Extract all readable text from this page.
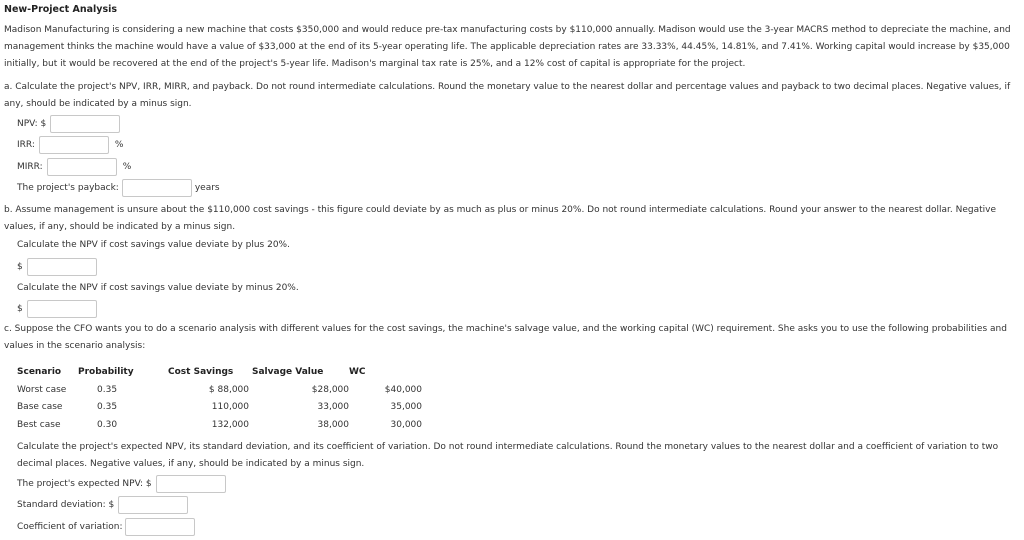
New-Project Analysis
Madison Manufacturing is considering a new machine that costs $350,000 and would reduce pre-tax manufacturing costs by $110,000 annually. Madison would use the 3-year MACRS method to depreciate the machine, and management thinks the machine would have a value of $33,000 at the end of its 5-year operating life. The applicable depreciation rates are 33.33%, 44.45%, 14.81%, and 7.41%. Working capital would increase by $35,000 initially, but it would be recovered at the end of the project's 5-year life. Madison's marginal tax rate is 25%, and a 12% cost of capital is appropriate for the project.
a. Calculate the project's NPV, IRR, MIRR, and payback. Do not round intermediate calculations. Round the monetary value to the nearest dollar and percentage values and payback to two decimal places. Negative values, if any, should be indicated by a minus sign.
NPV: $
IRR:	%
MIRR:	%
The project's payback:	years
b. Assume management is unsure about the $110,000 cost savings - this figure could deviate by as much as plus or minus 20%. Do not round intermediate calculations. Round your answer to the nearest dollar. Negative values, if any, should be indicated by a minus sign.
Calculate the NPV if cost savings value deviate by plus 20%.
$
Calculate the NPV if cost savings value deviate by minus 20%.
$
c. Suppose the CFO wants you to do a scenario analysis with different values for the cost savings, the machine's salvage value, and the working capital (WC) requirement. She asks you to use the following probabilities and values in the scenario analysis:
Scenario	Probability	Cost Savings	Salvage Value	WC
Worst case	0.35	$ 88,000	$28,000	$40,000
Base case	0.35	110,000	33,000	35,000
Best case	0.30	132,000	38,000	30,000
Calculate the project's expected NPV, its standard deviation, and its coefficient of variation. Do not round intermediate calculations. Round the monetary values to the nearest dollar and a coefficient of variation to two decimal places. Negative values, if any, should be indicated by a minus sign.
The project's expected NPV: $
Standard deviation: $
Coefficient of variation:
